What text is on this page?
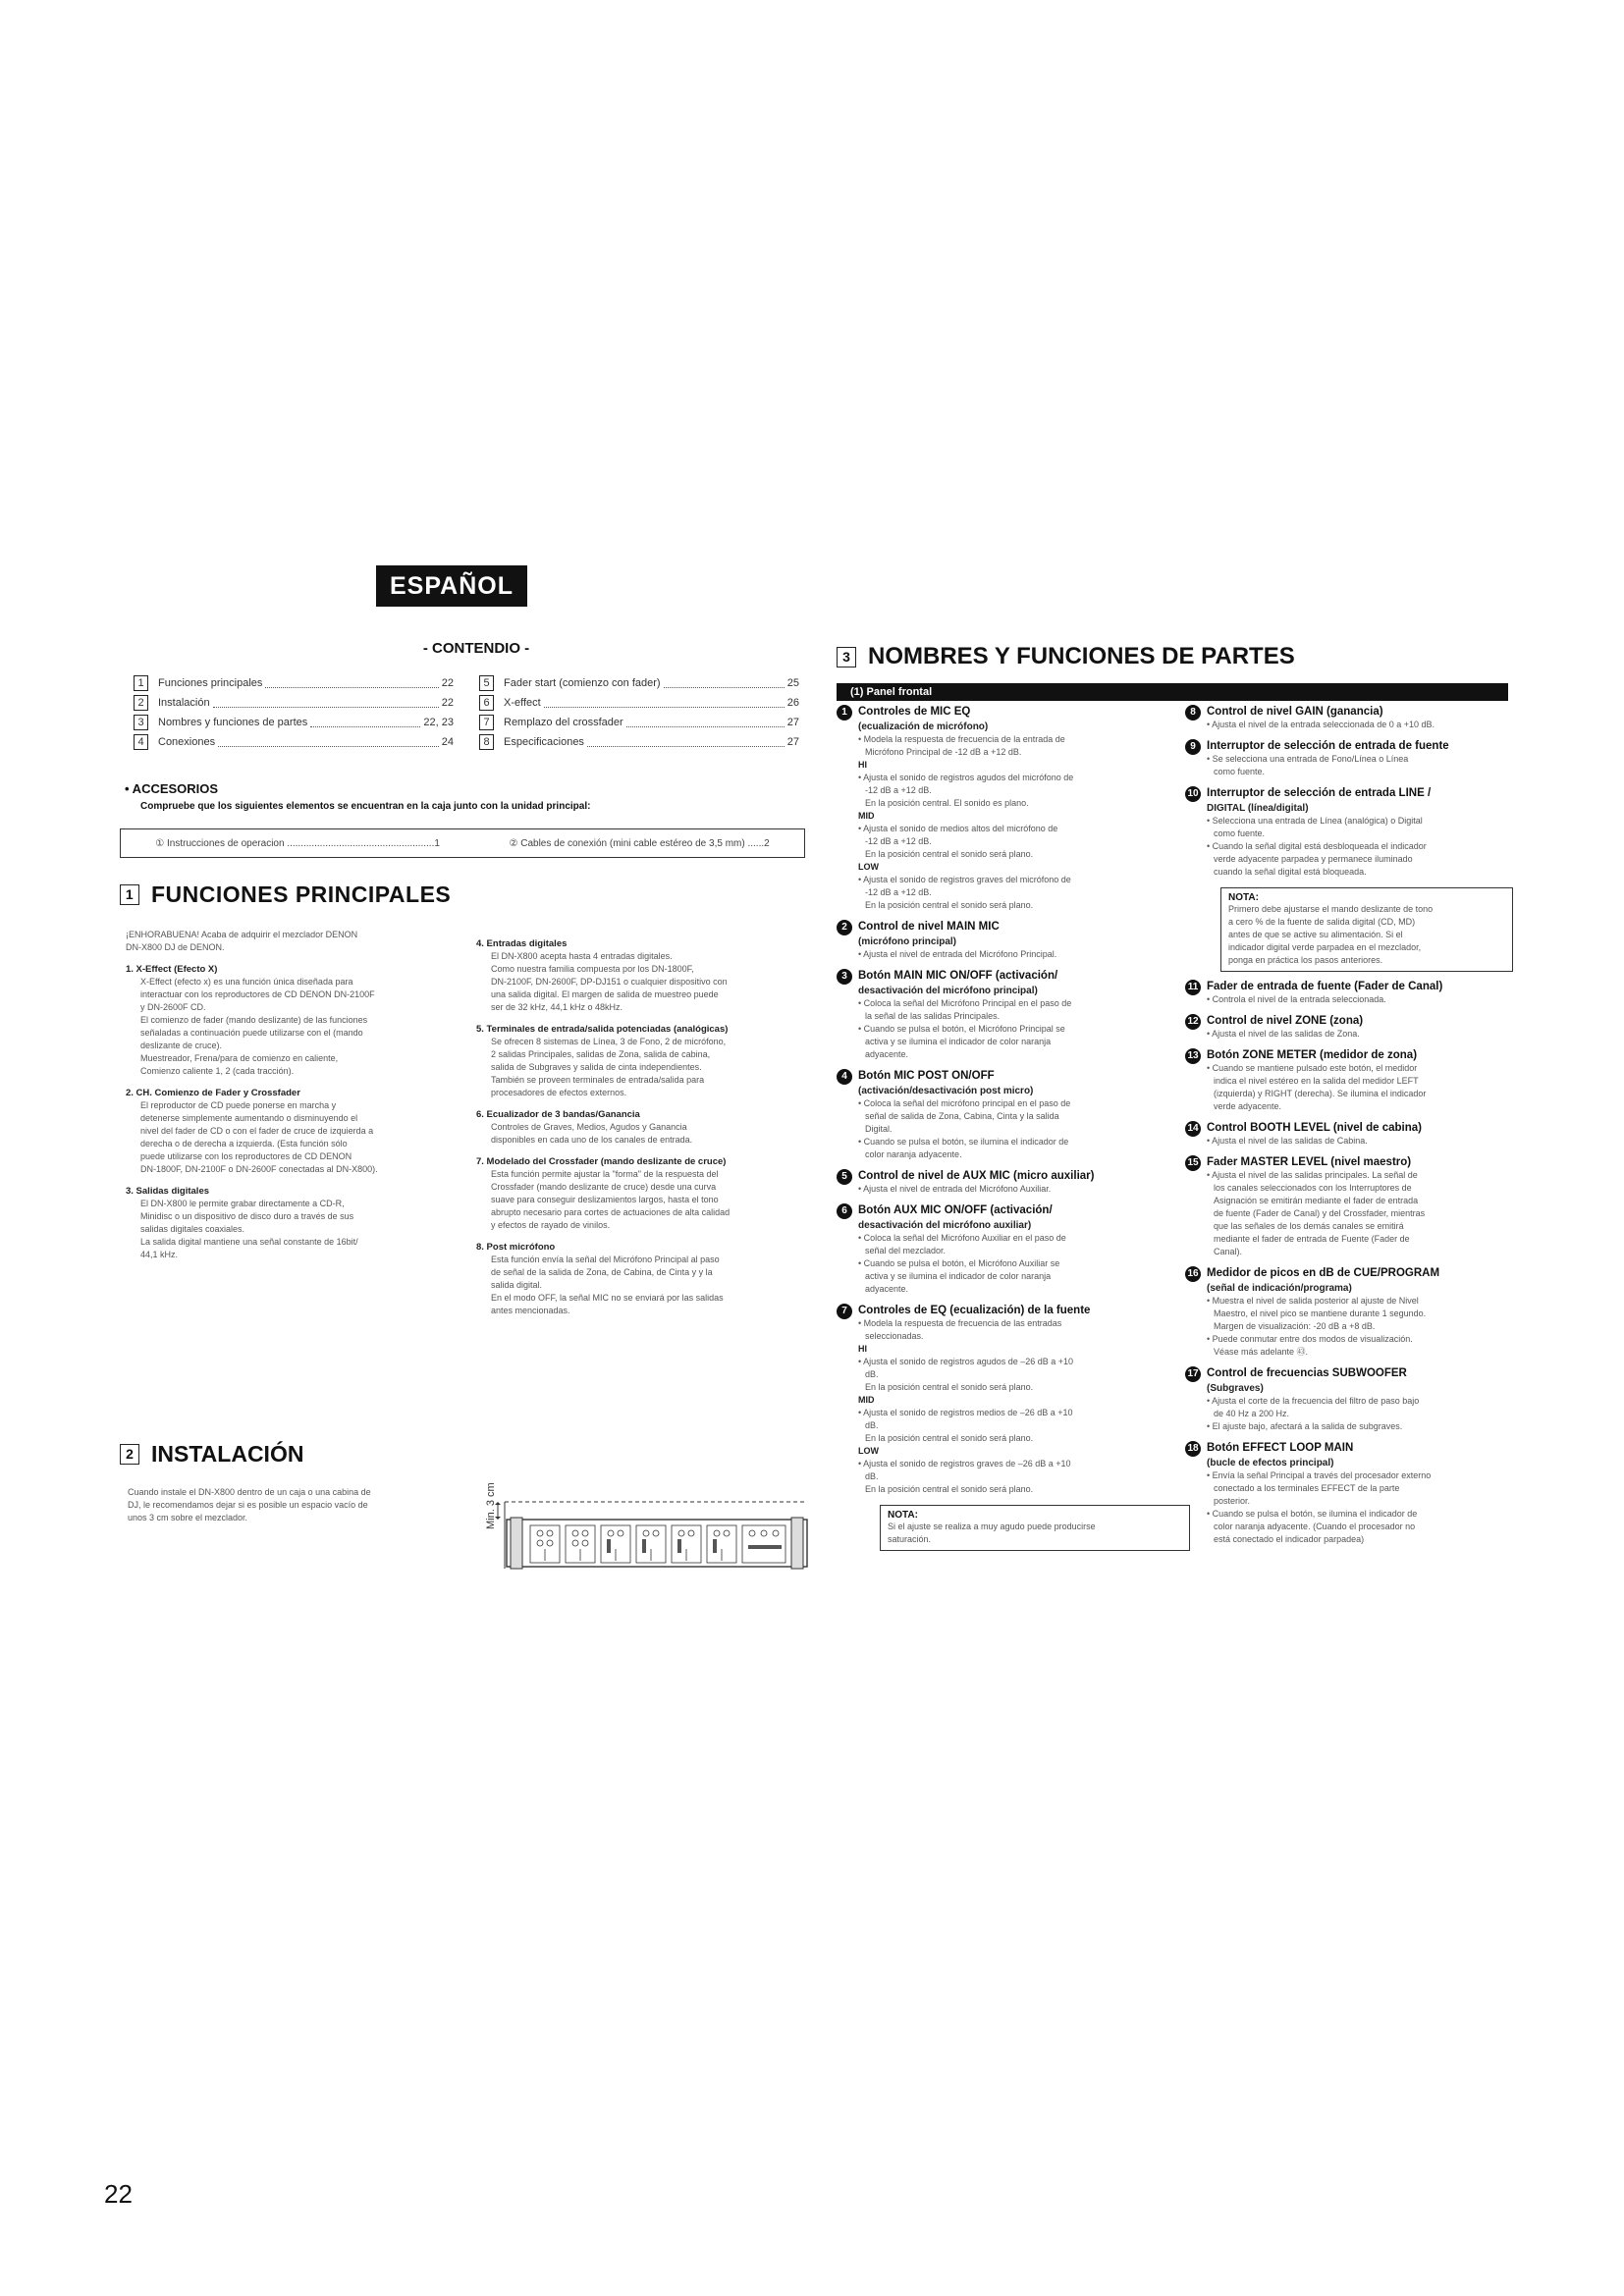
ESPAÑOL
- CONTENDIO -
1	Funciones principales	22
2	Instalación	22
3	Nombres y funciones de partes	22, 23
4	Conexiones	24
5	Fader start (comienzo con fader)	25
6	X-effect	26
7	Remplazo del crossfader	27
8	Especificaciones	27
• ACCESORIOS
Compruebe que los siguientes elementos se encuentran en la caja junto con la unidad principal:
① Instrucciones de operacion ......................................................1	② Cables de conexión (mini cable estéreo de 3,5 mm) ......2
1 FUNCIONES PRINCIPALES
¡ENHORABUENA! Acaba de adquirir el mezclador DENON
DN-X800 DJ de DENON.
1. X-Effect (Efecto X)
X-Effect (efecto x) es una función única diseñada para
interactuar con los reproductores de CD DENON DN-2100F
y DN-2600F CD.
El comienzo de fader (mando deslizante) de las funciones
señaladas a continuación puede utilizarse con el (mando
deslizante de cruce).
Muestreador, Frena/para de comienzo en caliente,
Comienzo caliente 1, 2 (cada tracción).
2. CH. Comienzo de Fader y Crossfader
El reproductor de CD puede ponerse en marcha y
detenerse simplemente aumentando o disminuyendo el
nivel del fader de CD o con el fader de cruce de izquierda a
derecha o de derecha a izquierda. (Esta función sólo
puede utilizarse con los reproductores de CD DENON
DN-1800F, DN-2100F o DN-2600F conectadas al DN-X800).
3. Salidas digitales
El DN-X800 le permite grabar directamente a CD-R,
Minidisc o un dispositivo de disco duro a través de sus
salidas digitales coaxiales.
La salida digital mantiene una señal constante de 16bit/
44,1 kHz.
4. Entradas digitales
El DN-X800 acepta hasta 4 entradas digitales.
Como nuestra familia compuesta por los DN-1800F,
DN-2100F, DN-2600F, DP-DJ151 o cualquier dispositivo con
una salida digital. El margen de salida de muestreo puede
ser de 32 kHz, 44,1 kHz o 48kHz.
5. Terminales de entrada/salida potenciadas (analógicas)
Se ofrecen 8 sistemas de Línea, 3 de Fono, 2 de micrófono,
2 salidas Principales, salidas de Zona, salida de cabina,
salida de Subgraves y salida de cinta independientes.
También se proveen terminales de entrada/salida para
procesadores de efectos externos.
6. Ecualizador de 3 bandas/Ganancia
Controles de Graves, Medios, Agudos y Ganancia
disponibles en cada uno de los canales de entrada.
7. Modelado del Crossfader (mando deslizante de cruce)
Esta función permite ajustar la "forma" de la respuesta del
Crossfader (mando deslizante de cruce) desde una curva
suave para conseguir deslizamientos largos, hasta el tono
abrupto necesario para cortes de actuaciones de alta calidad
y efectos de rayado de vinilos.
8. Post micrófono
Esta función envía la señal del Micrófono Principal al paso
de señal de la salida de Zona, de Cabina, de Cinta y y la
salida digital.
En el modo OFF, la señal MIC no se enviará por las salidas
antes mencionadas.
2 INSTALACIÓN
Cuando instale el DN-X800 dentro de un caja o una cabina de
DJ, le recomendamos dejar si es posible un espacio vacío de
unos 3 cm sobre el mezclador.	Min. 3 cm
3 NOMBRES Y FUNCIONES DE PARTES
(1) Panel frontal
1 Controles de MIC EQ
(ecualización de micrófono)
• Modela la respuesta de frecuencia de la entrada de
Micrófono Principal de -12 dB a +12 dB.
HI
• Ajusta el sonido de registros agudos del micrófono de
-12 dB a +12 dB.
En la posición central. El sonido es plano.
MID
• Ajusta el sonido de medios altos del micrófono de
-12 dB a +12 dB.
En la posición central el sonido será plano.
LOW
• Ajusta el sonido de registros graves del micrófono de
-12 dB a +12 dB.
En la posición central el sonido será plano.
2 Control de nivel MAIN MIC
(micrófono principal)
• Ajusta el nivel de entrada del Micrófono Principal.
3 Botón MAIN MIC ON/OFF (activación/
desactivación del micrófono principal)
• Coloca la señal del Micrófono Principal en el paso de
la señal de las salidas Principales.
• Cuando se pulsa el botón, el Micrófono Principal se
activa y se ilumina el indicador de color naranja
adyacente.
4 Botón MIC POST ON/OFF
(activación/desactivación post micro)
• Coloca la señal del micrófono principal en el paso de
señal de salida de Zona, Cabina, Cinta y la salida
Digital.
• Cuando se pulsa el botón, se ilumina el indicador de
color naranja adyacente.
5 Control de nivel de AUX MIC (micro auxiliar)
• Ajusta el nivel de entrada del Micrófono Auxiliar.
6 Botón AUX MIC ON/OFF (activación/
desactivación del micrófono auxiliar)
• Coloca la señal del Micrófono Auxiliar en el paso de
señal del mezclador.
• Cuando se pulsa el botón, el Micrófono Auxiliar se
activa y se ilumina el indicador de color naranja
adyacente.
7 Controles de EQ (ecualización) de la fuente
• Modela la respuesta de frecuencia de las entradas
seleccionadas.
HI
• Ajusta el sonido de registros agudos de –26 dB a +10
dB.
En la posición central el sonido será plano.
MID
• Ajusta el sonido de registros medios de –26 dB a +10
dB.
En la posición central el sonido será plano.
LOW
• Ajusta el sonido de registros graves de –26 dB a +10
dB.
En la posición central el sonido será plano.
NOTA:
Si el ajuste se realiza a muy agudo puede producirse
saturación.
8 Control de nivel GAIN (ganancia)
• Ajusta el nivel de la entrada seleccionada de 0 a +10 dB.
9 Interruptor de selección de entrada de fuente
• Se selecciona una entrada de Fono/Línea o Línea
como fuente.
10 Interruptor de selección de entrada LINE /
DIGITAL (línea/digital)
• Selecciona una entrada de Línea (analógica) o Digital
como fuente.
• Cuando la señal digital está desbloqueada el indicador
verde adyacente parpadea y permanece iluminado
cuando la señal digital está bloqueada.
NOTA:
Primero debe ajustarse el mando deslizante de tono
a cero % de la fuente de salida digital (CD, MD)
antes de que se active su alimentación. Si el
indicador digital verde parpadea en el mezclador,
ponga en práctica los pasos anteriores.
11 Fader de entrada de fuente (Fader de Canal)
• Controla el nivel de la entrada seleccionada.
12 Control de nivel ZONE (zona)
• Ajusta el nivel de las salidas de Zona.
13 Botón ZONE METER (medidor de zona)
• Cuando se mantiene pulsado este botón, el medidor
indica el nivel estéreo en la salida del medidor LEFT
(izquierda) y RIGHT (derecha). Se ilumina el indicador
verde adyacente.
14 Control BOOTH LEVEL (nivel de cabina)
• Ajusta el nivel de las salidas de Cabina.
15 Fader MASTER LEVEL (nivel maestro)
• Ajusta el nivel de las salidas principales. La señal de
los canales seleccionados con los Interruptores de
Asignación se emitirán mediante el fader de entrada
de fuente (Fader de Canal) y del Crossfader, mientras
que las señales de los demás canales se emitirá
mediante el fader de entrada de Fuente (Fader de
Canal).
16 Medidor de picos en dB de CUE/PROGRAM
(señal de indicación/programa)
• Muestra el nivel de salida posterior al ajuste de Nivel
Maestro, el nivel pico se mantiene durante 1 segundo.
Margen de visualización: -20 dB a +8 dB.
• Puede conmutar entre dos modos de visualización.
Véase más adelante ㊸.
17 Control de frecuencias SUBWOOFER
(Subgraves)
• Ajusta el corte de la frecuencia del filtro de paso bajo
de 40 Hz a 200 Hz.
• El ajuste bajo, afectará a la salida de subgraves.
18 Botón EFFECT LOOP MAIN
(bucle de efectos principal)
• Envía la señal Principal a través del procesador externo
conectado a los terminales EFFECT de la parte
posterior.
• Cuando se pulsa el botón, se ilumina el indicador de
color naranja adyacente. (Cuando el procesador no
está conectado el indicador parpadea)
22
